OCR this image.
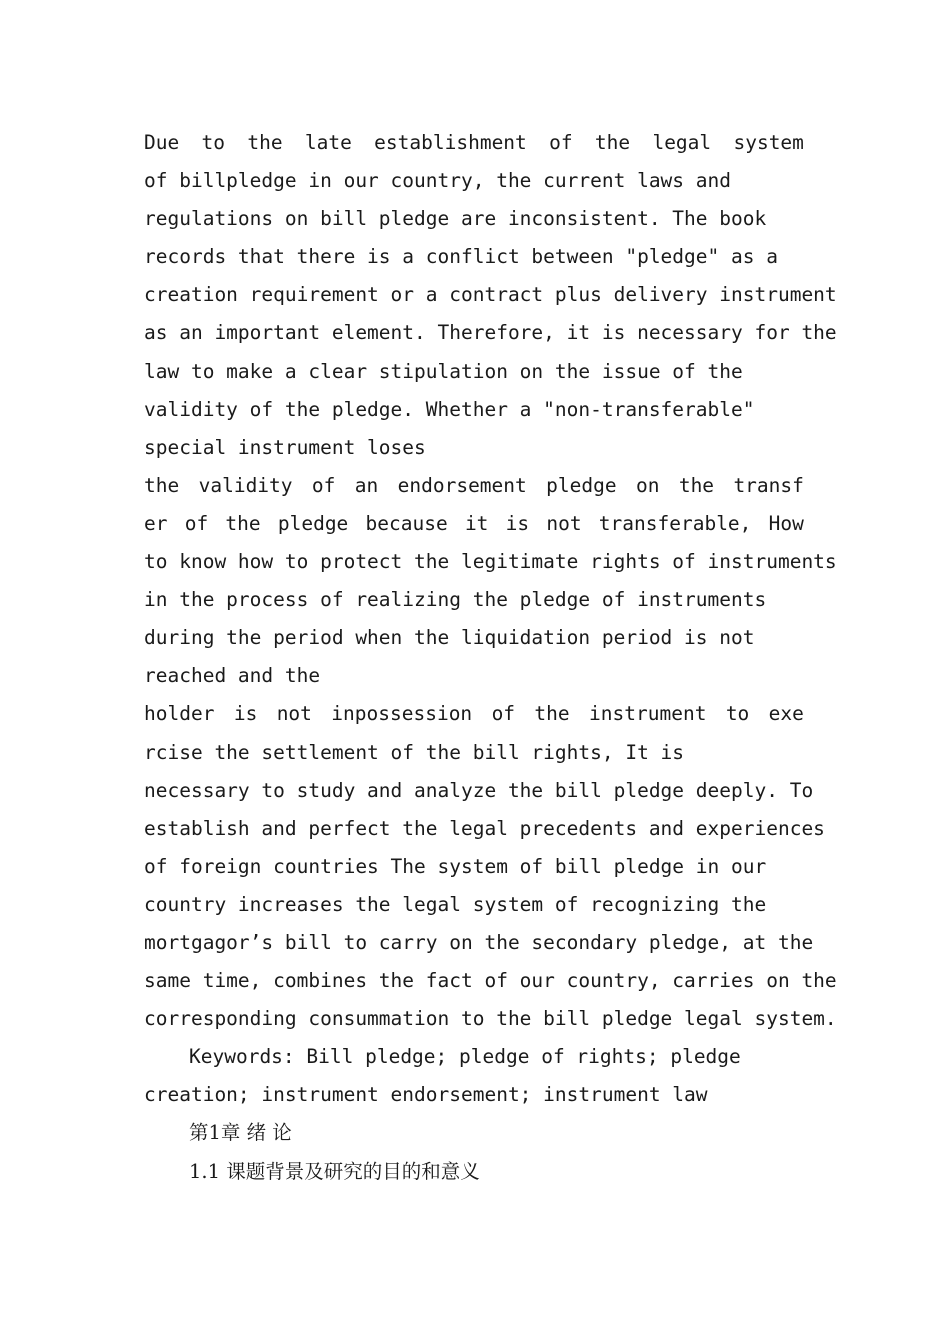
Due to the late establishment of the legal system
of billpledge in our country, the current laws and
regulations on bill pledge are inconsistent. The book
records that there is a conflict between "pledge" as a
creation requirement or a contract plus delivery instrument
as an important element. Therefore, it is necessary for the
law to make a clear stipulation on the issue of the
validity of the pledge. Whether a "non-transferable"
special instrument loses
the validity of an endorsement pledge on the transf
er of the pledge because it is not transferable, How
to know how to protect the legitimate rights of instruments
in the process of realizing the pledge of instruments
during the period when the liquidation period is not
reached and the
holder is not inpossession of the instrument to exe
rcise the settlement of the bill rights, It is
necessary to study and analyze the bill pledge deeply. To
establish and perfect the legal precedents and experiences
of foreign countries The system of bill pledge in our
country increases the legal system of recognizing the
mortgagor’s bill to carry on the secondary pledge, at the
same time, combines the fact of our country, carries on the
corresponding consummation to the bill pledge legal system.
Keywords: Bill pledge; pledge of rights; pledge
creation; instrument endorsement; instrument law
第1章 绪 论
1.1 课题背景及研究的目的和意义
